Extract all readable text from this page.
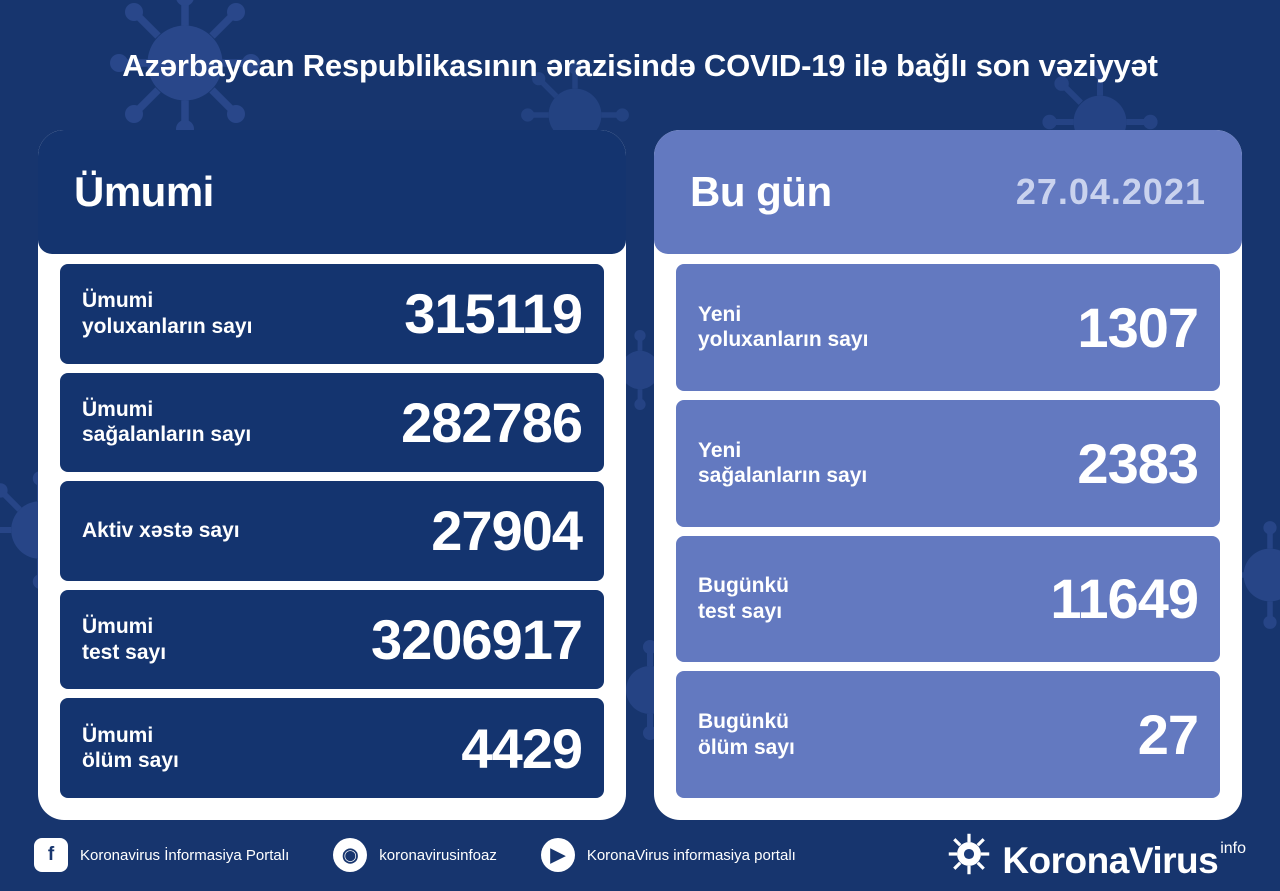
Azərbaycan Respublikasının ərazisində COVID-19 ilə bağlı son vəziyyət
Ümumi
Ümumi
yoluxanların sayı	315119
Ümumi
sağalanların sayı	282786
Aktiv xəstə sayı	27904
Ümumi
test sayı	3206917
Ümumi
ölüm sayı	4429
Bu gün	27.04.2021
Yeni
yoluxanların sayı	1307
Yeni
sağalanların sayı	2383
Bugünkü
test sayı	11649
Bugünkü
ölüm sayı	27
f	Koronavirus İnformasiya Portalı	◉	koronavirusinfoaz	▶	KoronaVirus informasiya portalı	KoronaVirus info
